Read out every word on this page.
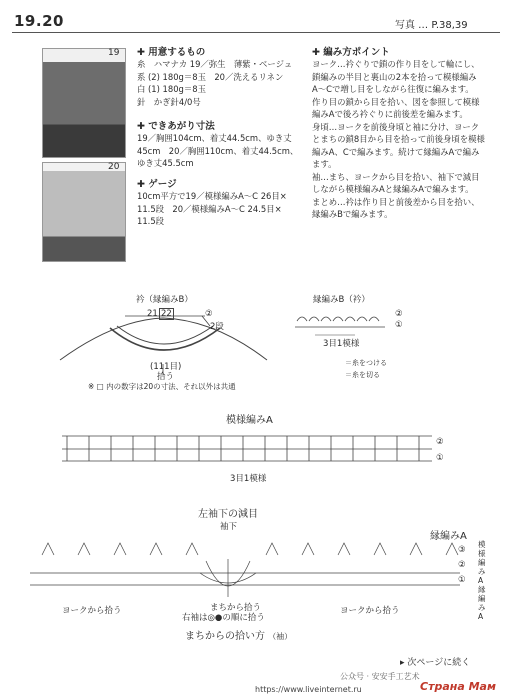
19.20	写真 … P.38,39
19
20
✚ 用意するもの
糸　ハマナカ 19／弥生　薄紫・ベージュ
系 (2) 180g＝8玉　20／洗えるリネン
白 (1) 180g＝8玉
針　かぎ針4/0号
✚ できあがり寸法
19／胸囲104cm、着丈44.5cm、ゆき丈
45cm　20／胸囲110cm、着丈44.5cm、
ゆき丈45.5cm
✚ ゲージ
10cm平方で19／模様編みA～C 26目×
11.5段　20／模様編みA～C 24.5目×
11.5段
✚ 編み方ポイント
ヨーク…衿ぐりで鎖の作り目をして輪にし、
鎖編みの半目と裏山の2本を拾って模様編み
A～Cで増し目をしながら往復に編みます。
作り目の鎖から目を拾い、図を参照して模様
編みAで後ろ衿ぐりに前後差を編みます。
身頃…ヨークを前後身頃と袖に分け、ヨーク
とまちの鎖8目から目を拾って前後身頃を模様
編みA、Cで編みます。続けて縁編みAで編み
ます。
袖…まち、ヨークから目を拾い、袖下で減目
しながら模様編みAと縁編みAで編みます。
まとめ…衿は作り目と前後差から目を拾い、
縁編みBで編みます。
衿（縁編みB）
21 22	②
2段
(111目)
拾う
※ □ 内の数字は20の寸法、それ以外は共通
縁編みB（衿）
②
①
3目1模様
＝糸をつける
＝糸を切る
模様編みA
②
①
3目1模様
左袖下の減目
袖下
縁編みA
③
②
①
模様編みA縁編みA
ヨークから拾う	ヨークから拾う
まちから拾う
右袖は◎●の順に拾う
まちからの拾い方 （袖）
▸ 次ページに続く
公众号 · 安安手工艺术
https://www.liveinternet.ru	Страна Мам
